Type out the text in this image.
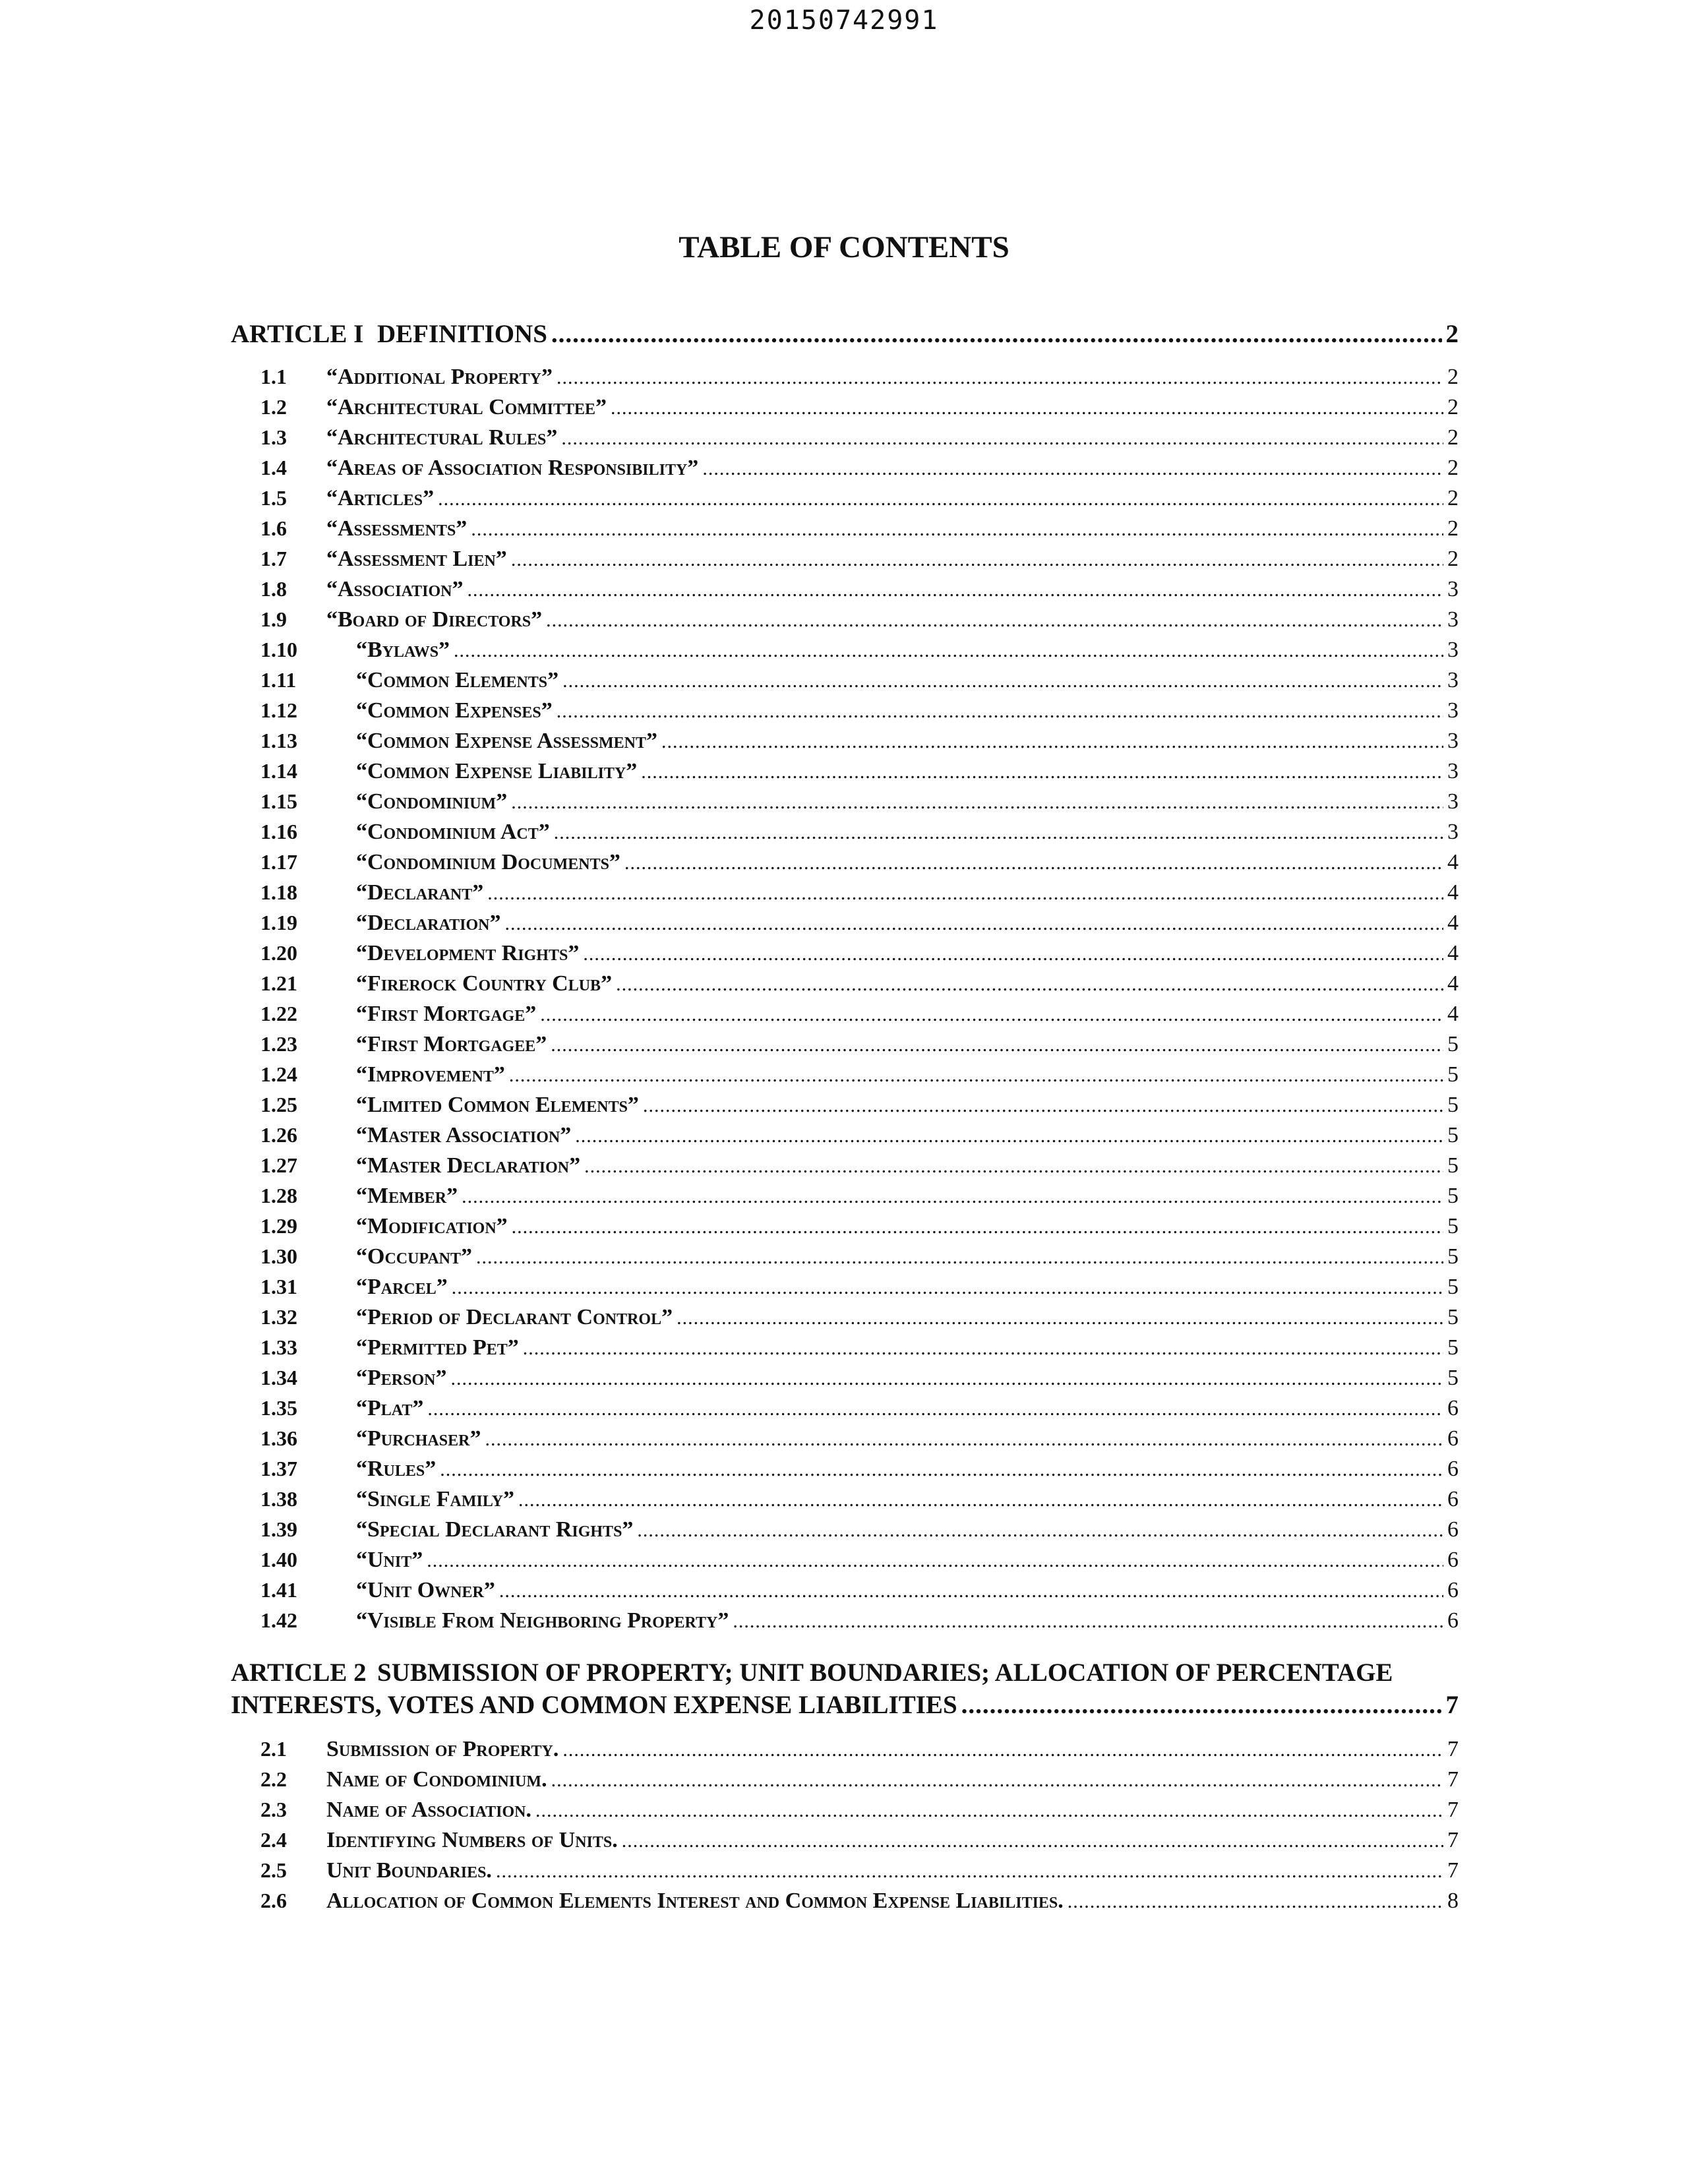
20150742991
TABLE OF CONTENTS
ARTICLE I DEFINITIONS .....	2
1.1	“Additional Property” .....	2
1.2	“Architectural Committee” .....	2
1.3	“Architectural Rules” .....	2
1.4	“Areas of Association Responsibility” .....	2
1.5	“Articles” .....	2
1.6	“Assessments” .....	2
1.7	“Assessment Lien” .....	2
1.8	“Association” .....	3
1.9	“Board of Directors” .....	3
1.10	“Bylaws” .....	3
1.11	“Common Elements” .....	3
1.12	“Common Expenses” .....	3
1.13	“Common Expense Assessment” .....	3
1.14	“Common Expense Liability” .....	3
1.15	“Condominium” .....	3
1.16	“Condominium Act” .....	3
1.17	“Condominium Documents” .....	4
1.18	“Declarant” .....	4
1.19	“Declaration” .....	4
1.20	“Development Rights” .....	4
1.21	“Firerock Country Club” .....	4
1.22	“First Mortgage” .....	4
1.23	“First Mortgagee” .....	5
1.24	“Improvement” .....	5
1.25	“Limited Common Elements” .....	5
1.26	“Master Association” .....	5
1.27	“Master Declaration” .....	5
1.28	“Member” .....	5
1.29	“Modification” .....	5
1.30	“Occupant” .....	5
1.31	“Parcel” .....	5
1.32	“Period of Declarant Control” .....	5
1.33	“Permitted Pet” .....	5
1.34	“Person” .....	5
1.35	“Plat” .....	6
1.36	“Purchaser” .....	6
1.37	“Rules” .....	6
1.38	“Single Family” .....	6
1.39	“Special Declarant Rights” .....	6
1.40	“Unit” .....	6
1.41	“Unit Owner” .....	6
1.42	“Visible From Neighboring Property” .....	6
ARTICLE 2 SUBMISSION OF PROPERTY; UNIT BOUNDARIES; ALLOCATION OF PERCENTAGE
INTERESTS, VOTES AND COMMON EXPENSE LIABILITIES .....	7
2.1	Submission of Property. .....	7
2.2	Name of Condominium. .....	7
2.3	Name of Association. .....	7
2.4	Identifying Numbers of Units. .....	7
2.5	Unit Boundaries. .....	7
2.6	Allocation of Common Elements Interest and Common Expense Liabilities. .....	8
